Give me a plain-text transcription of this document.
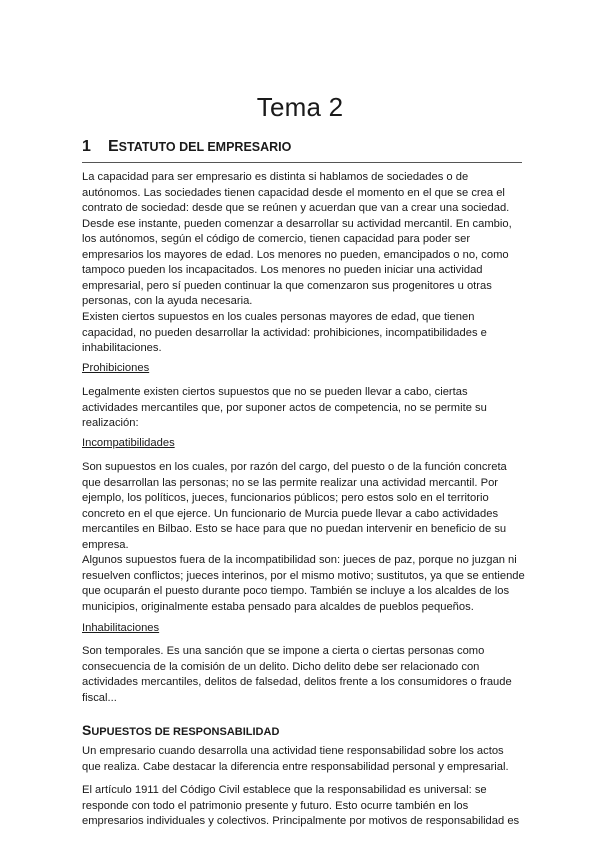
Tema 2
1 ESTATUTO DEL EMPRESARIO
La capacidad para ser empresario es distinta si hablamos de sociedades o de
autónomos. Las sociedades tienen capacidad desde el momento en el que se crea el
contrato de sociedad: desde que se reúnen y acuerdan que van a crear una sociedad.
Desde ese instante, pueden comenzar a desarrollar su actividad mercantil. En cambio,
los autónomos, según el código de comercio, tienen capacidad para poder ser
empresarios los mayores de edad. Los menores no pueden, emancipados o no, como
tampoco pueden los incapacitados. Los menores no pueden iniciar una actividad
empresarial, pero sí pueden continuar la que comenzaron sus progenitores u otras
personas, con la ayuda necesaria.
Existen ciertos supuestos en los cuales personas mayores de edad, que tienen
capacidad, no pueden desarrollar la actividad: prohibiciones, incompatibilidades e
inhabilitaciones.
Prohibiciones
Legalmente existen ciertos supuestos que no se pueden llevar a cabo, ciertas
actividades mercantiles que, por suponer actos de competencia, no se permite su
realización:
Incompatibilidades
Son supuestos en los cuales, por razón del cargo, del puesto o de la función concreta
que desarrollan las personas; no se las permite realizar una actividad mercantil. Por
ejemplo, los políticos, jueces, funcionarios públicos; pero estos solo en el territorio
concreto en el que ejerce. Un funcionario de Murcia puede llevar a cabo actividades
mercantiles en Bilbao. Esto se hace para que no puedan intervenir en beneficio de su
empresa.
Algunos supuestos fuera de la incompatibilidad son: jueces de paz, porque no juzgan ni
resuelven conflictos; jueces interinos, por el mismo motivo; sustitutos, ya que se entiende
que ocuparán el puesto durante poco tiempo. También se incluye a los alcaldes de los
municipios, originalmente estaba pensado para alcaldes de pueblos pequeños.
Inhabilitaciones
Son temporales. Es una sanción que se impone a cierta o ciertas personas como
consecuencia de la comisión de un delito. Dicho delito debe ser relacionado con
actividades mercantiles, delitos de falsedad, delitos frente a los consumidores o fraude
fiscal...
SUPUESTOS DE RESPONSABILIDAD
Un empresario cuando desarrolla una actividad tiene responsabilidad sobre los actos
que realiza. Cabe destacar la diferencia entre responsabilidad personal y empresarial.
El artículo 1911 del Código Civil establece que la responsabilidad es universal: se
responde con todo el patrimonio presente y futuro. Esto ocurre también en los
empresarios individuales y colectivos. Principalmente por motivos de responsabilidad es
